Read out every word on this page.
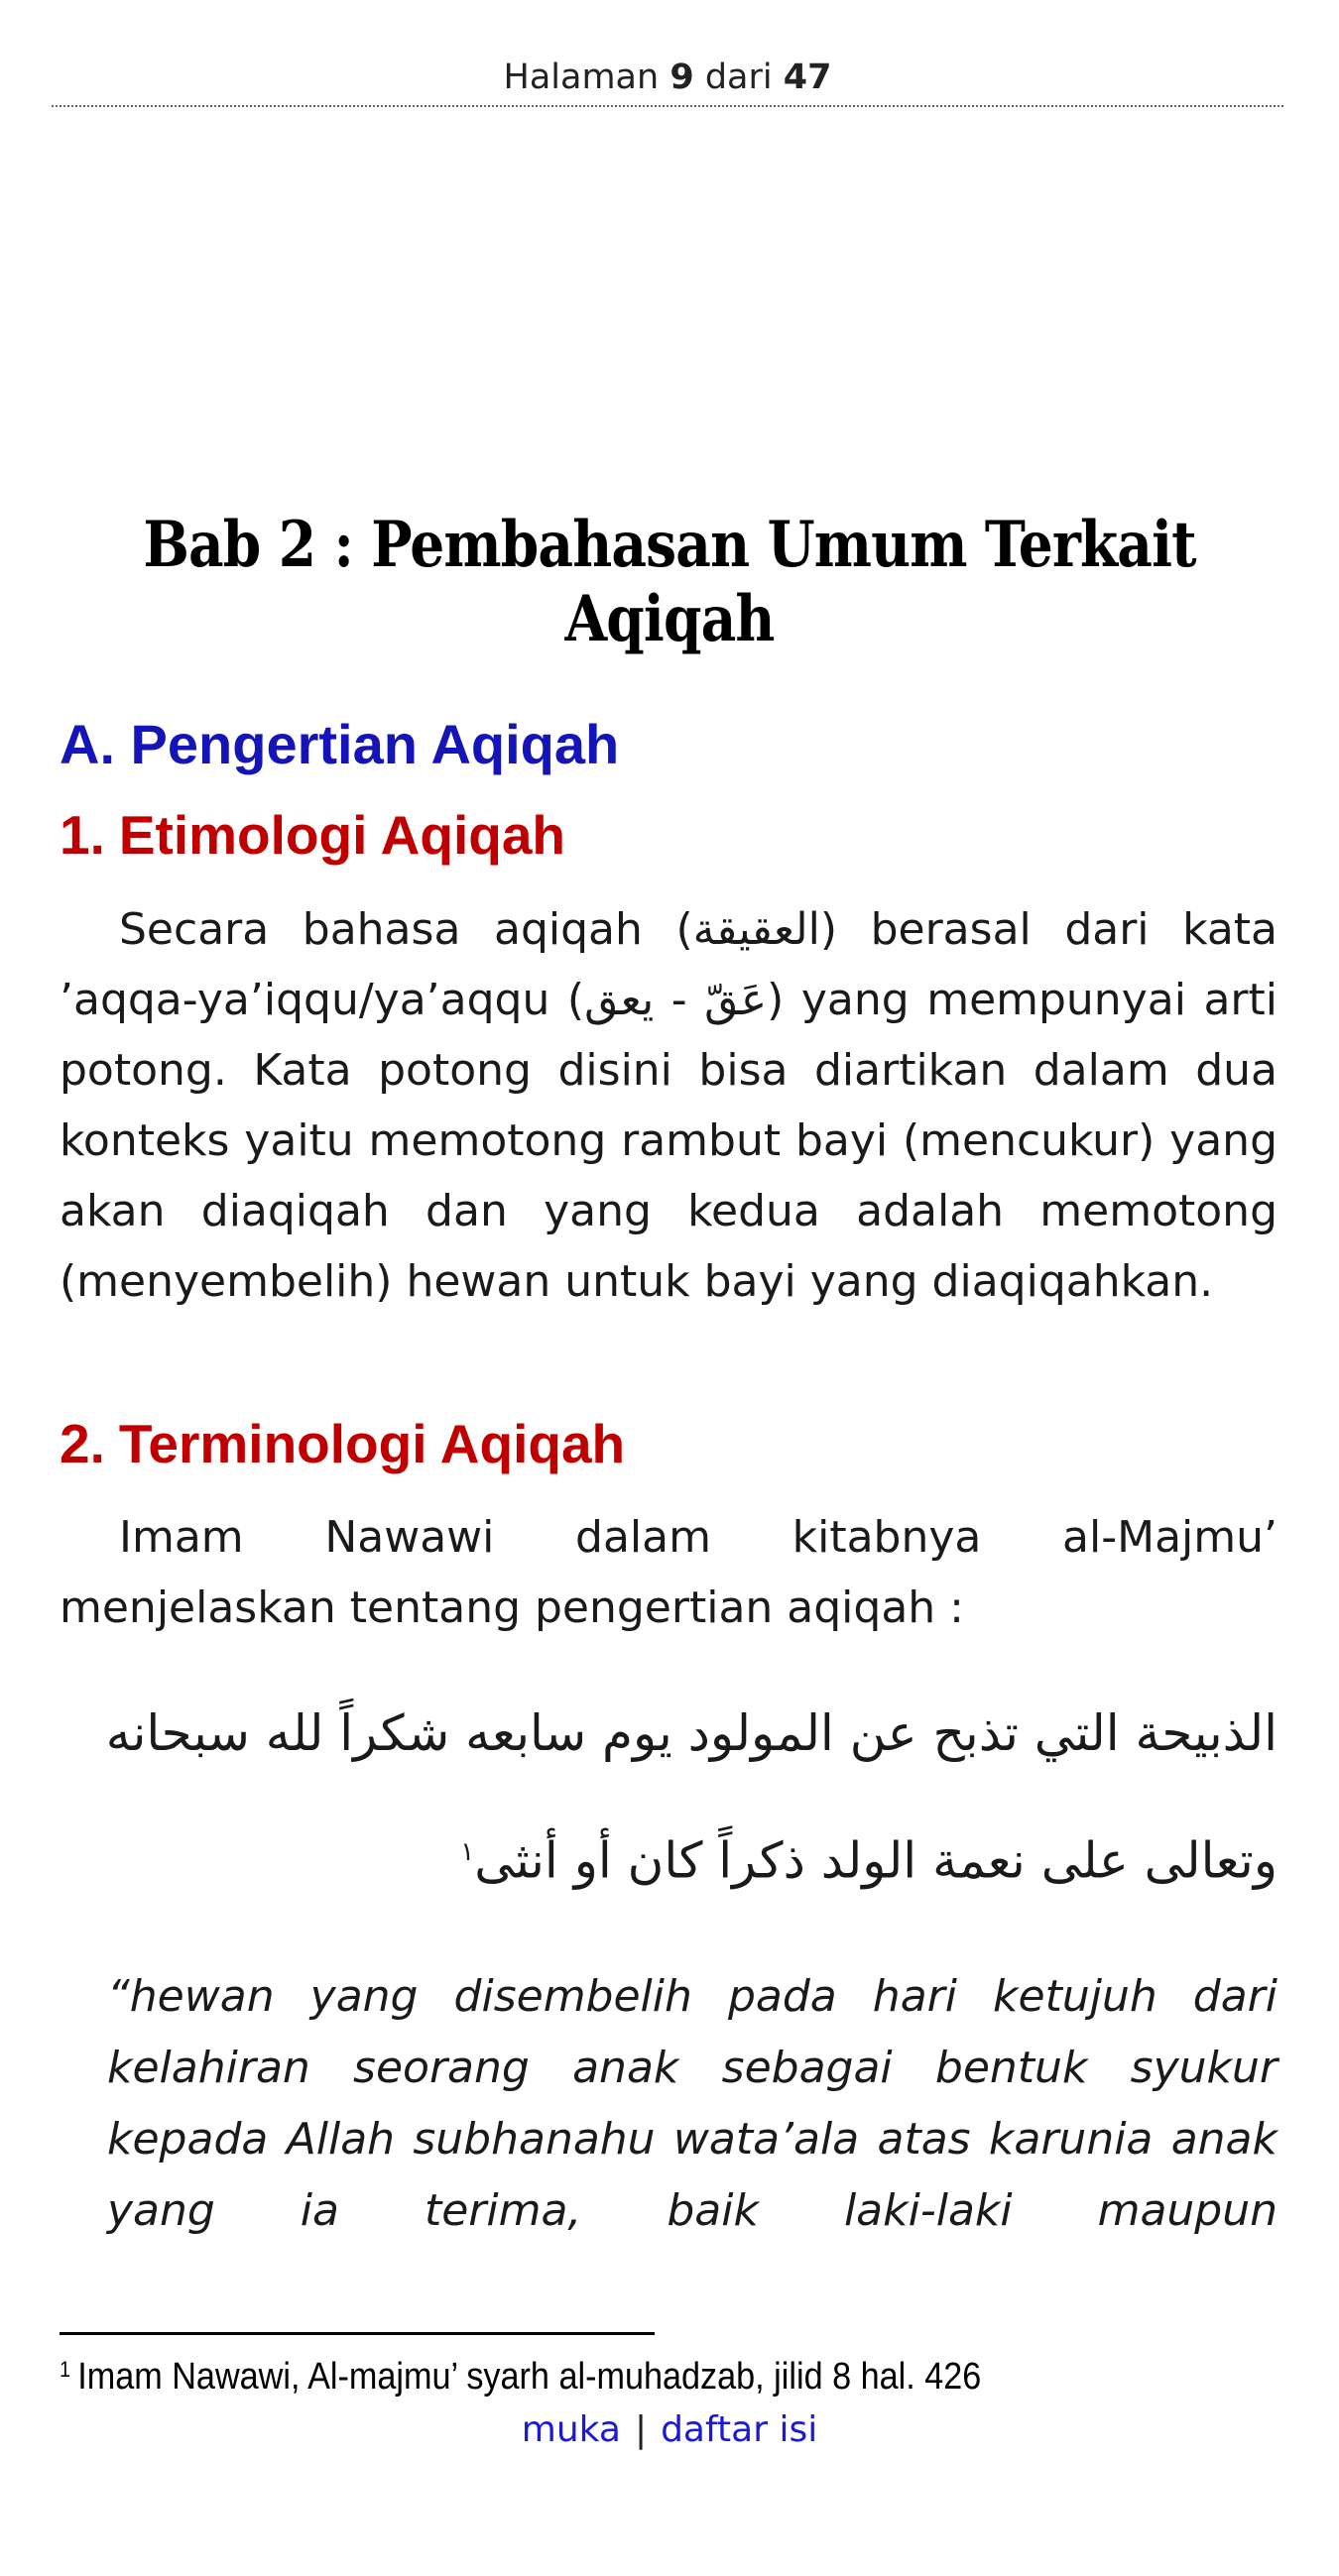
Halaman 9 dari 47
Bab 2 : Pembahasan Umum Terkait Aqiqah
A. Pengertian Aqiqah
1. Etimologi Aqiqah
Secara bahasa aqiqah (العقيقة) berasal dari kata ’aqqa-ya’iqqu/ya’aqqu (عَقّ - يعق) yang mempunyai arti potong. Kata potong disini bisa diartikan dalam dua konteks yaitu memotong rambut bayi (mencukur) yang akan diaqiqah dan yang kedua adalah memotong (menyembelih) hewan untuk bayi yang diaqiqahkan.
2. Terminologi Aqiqah
Imam Nawawi dalam kitabnya al-Majmu’ menjelaskan tentang pengertian aqiqah :
الذبيحة التي تذبح عن المولود يوم سابعه شكراً لله سبحانه
وتعالى على نعمة الولد ذكراً كان أو أنثى$^١$
“hewan yang disembelih pada hari ketujuh dari kelahiran seorang anak sebagai bentuk syukur kepada Allah subhanahu wata’ala atas karunia anak yang ia terima, baik laki-laki maupun
$^1$ Imam Nawawi, Al-majmu’ syarh al-muhadzab, jilid 8 hal. 426
muka | daftar isi
